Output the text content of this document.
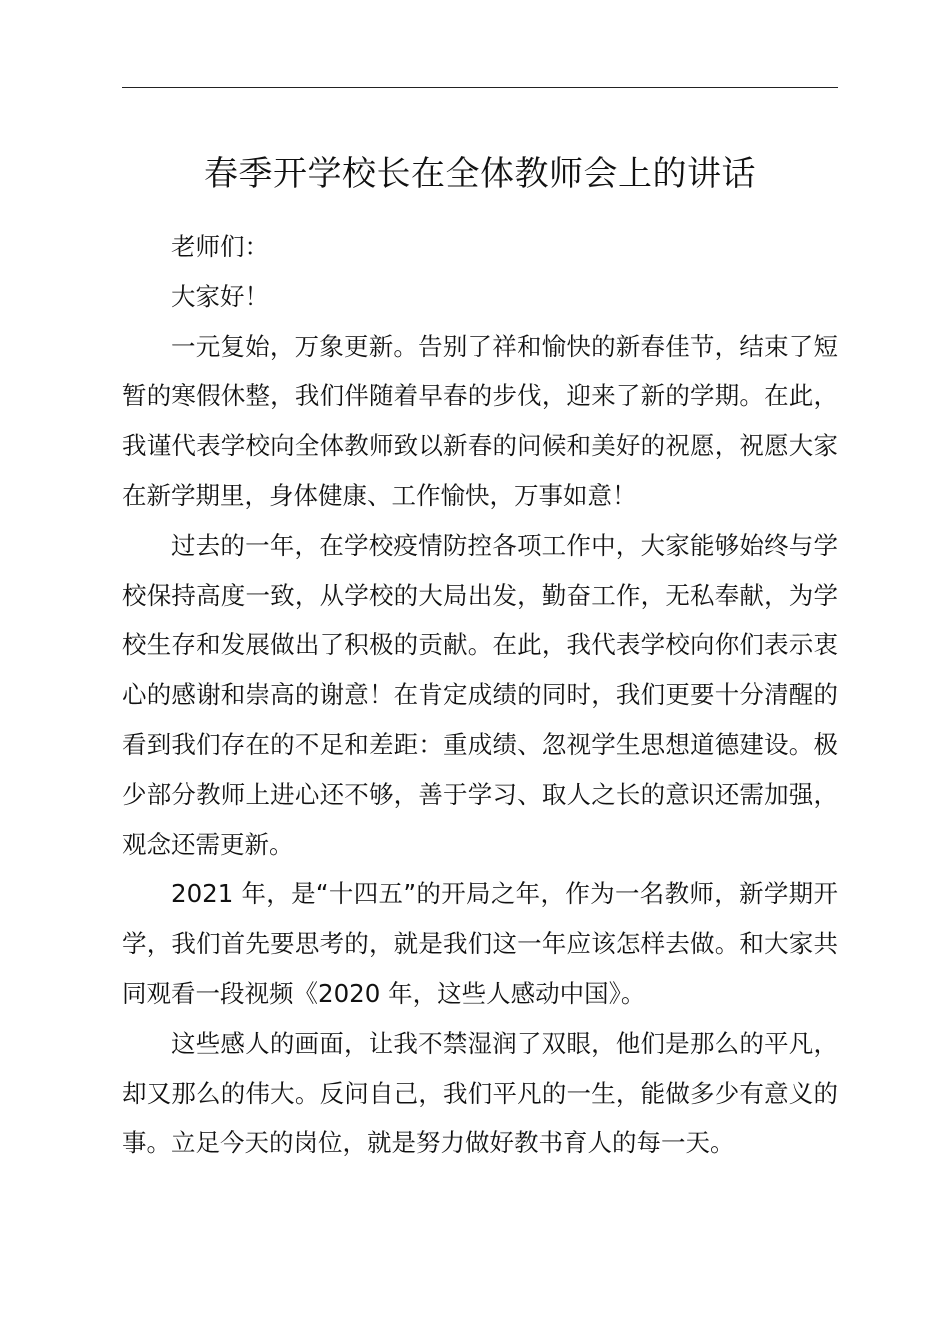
春季开学校长在全体教师会上的讲话

老师们：

大家好！

一元复始，万象更新。告别了祥和愉快的新春佳节，结束了短暂的寒假休整，我们伴随着早春的步伐，迎来了新的学期。在此，我谨代表学校向全体教师致以新春的问候和美好的祝愿，祝愿大家在新学期里，身体健康、工作愉快，万事如意！

过去的一年，在学校疫情防控各项工作中，大家能够始终与学校保持高度一致，从学校的大局出发，勤奋工作，无私奉献，为学校生存和发展做出了积极的贡献。在此，我代表学校向你们表示衷心的感谢和崇高的谢意！在肯定成绩的同时，我们更要十分清醒的看到我们存在的不足和差距：重成绩、忽视学生思想道德建设。极少部分教师上进心还不够，善于学习、取人之长的意识还需加强，观念还需更新。

2021 年，是“十四五”的开局之年，作为一名教师，新学期开学，我们首先要思考的，就是我们这一年应该怎样去做。和大家共同观看一段视频《2020 年，这些人感动中国》。

这些感人的画面，让我不禁湿润了双眼，他们是那么的平凡，却又那么的伟大。反问自己，我们平凡的一生，能做多少有意义的事。立足今天的岗位，就是努力做好教书育人的每一天。
